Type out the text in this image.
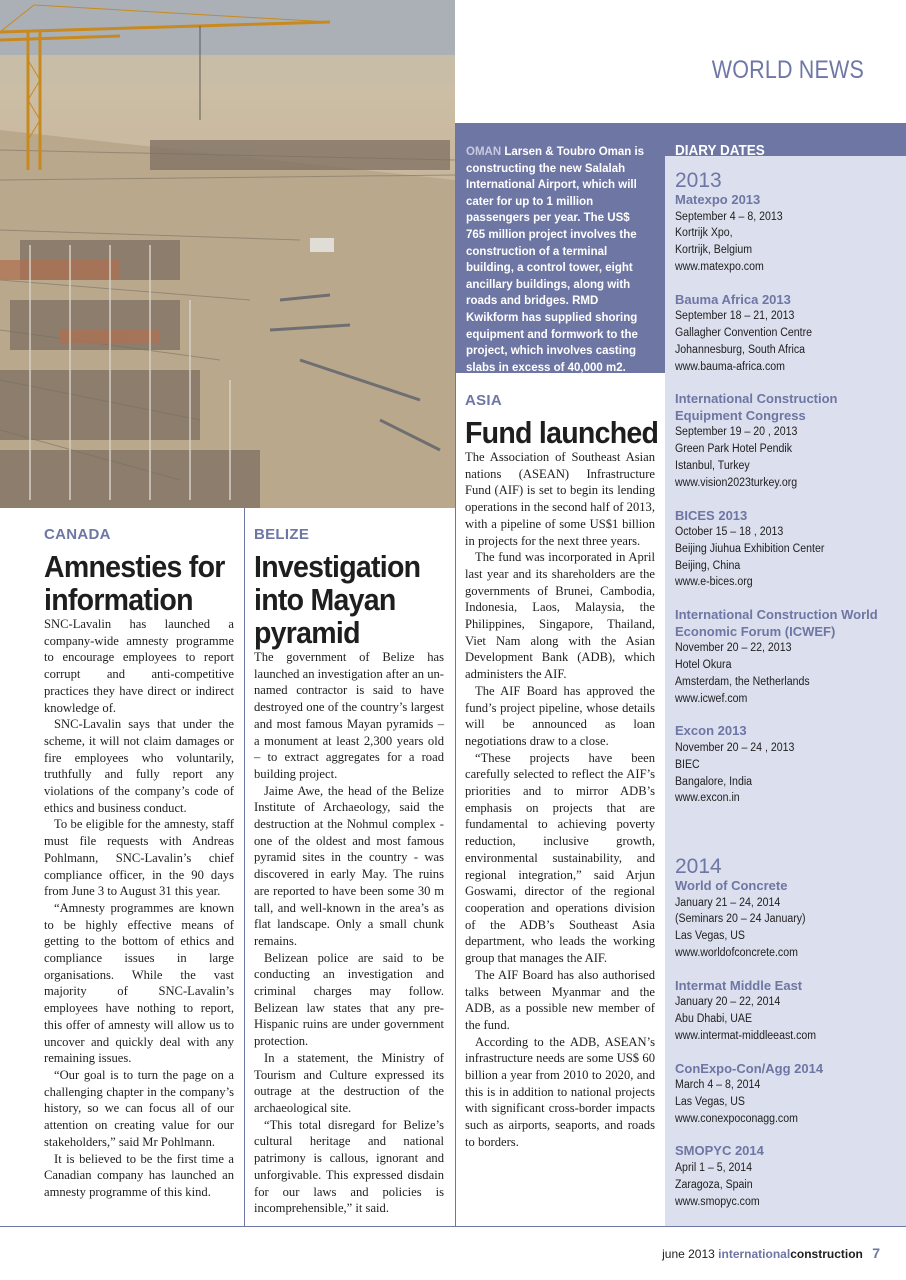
WORLD NEWS
OMAN Larsen & Toubro Oman is constructing the new Salalah International Airport, which will cater for up to 1 million passengers per year. The US$ 765 million project involves the construction of a terminal building, a control tower, eight ancillary buildings, along with roads and bridges. RMD Kwikform has supplied shoring equipment and formwork to the project, which involves casting slabs in excess of 40,000 m2.
DIARY DATES
2013
Matexpo 2013
September 4 – 8, 2013
Kortrijk Xpo,
Kortrijk, Belgium
www.matexpo.com
Bauma Africa 2013
September 18 – 21, 2013
Gallagher Convention Centre
Johannesburg, South Africa
www.bauma-africa.com
International Construction Equipment Congress
September 19 – 20 , 2013
Green Park Hotel Pendik
Istanbul, Turkey
www.vision2023turkey.org
BICES 2013
October 15 – 18 , 2013
Beijing Jiuhua Exhibition Center
Beijing, China
www.e-bices.org
International Construction World Economic Forum (ICWEF)
November 20 – 22, 2013
Hotel Okura
Amsterdam, the Netherlands
www.icwef.com
Excon 2013
November 20 – 24 , 2013
BIEC
Bangalore, India
www.excon.in
2014
World of Concrete
January 21 – 24, 2014
(Seminars 20 – 24 January)
Las Vegas, US
www.worldofconcrete.com
Intermat Middle East
January 20 – 22, 2014
Abu Dhabi, UAE
www.intermat-middleeast.com
ConExpo-Con/Agg 2014
March 4 – 8, 2014
Las Vegas, US
www.conexpoconagg.com
SMOPYC 2014
April 1 – 5, 2014
Zaragoza, Spain
www.smopyc.com
CANADA
Amnesties for information

SNC-Lavalin has launched a company-wide amnesty programme to encourage employees to report corrupt and anti-competitive practices they have direct or indirect knowledge of.

SNC-Lavalin says that under the scheme, it will not claim damages or fire employees who voluntarily, truthfully and fully report any violations of the company’s code of ethics and business conduct.

To be eligible for the amnesty, staff must file requests with Andreas Pohlmann, SNC-Lavalin’s chief compliance officer, in the 90 days from June 3 to August 31 this year.

“Amnesty programmes are known to be highly effective means of getting to the bottom of ethics and compliance issues in large organisations. While the vast majority of SNC-Lavalin’s employees have nothing to report, this offer of amnesty will allow us to uncover and quickly deal with any remaining issues.

“Our goal is to turn the page on a challenging chapter in the company’s history, so we can focus all of our attention on creating value for our stakeholders,” said Mr Pohlmann.

It is believed to be the first time a Canadian company has launched an amnesty programme of this kind.

BELIZE
Investigation into Mayan pyramid

The government of Belize has launched an investigation after an un-named contractor is said to have destroyed one of the country’s largest and most famous Mayan pyramids – a monument at least 2,300 years old – to extract aggregates for a road building project.

Jaime Awe, the head of the Belize Institute of Archaeology, said the destruction at the Nohmul complex - one of the oldest and most famous pyramid sites in the country - was discovered in early May. The ruins are reported to have been some 30 m tall, and well-known in the area’s as flat landscape. Only a small chunk remains.

Belizean police are said to be conducting an investigation and criminal charges may follow. Belizean law states that any pre-Hispanic ruins are under government protection.

In a statement, the Ministry of Tourism and Culture expressed its outrage at the destruction of the archaeological site.

“This total disregard for Belize’s cultural heritage and national patrimony is callous, ignorant and unforgivable. This expressed disdain for our laws and policies is incomprehensible,” it said.

ASIA
Fund launched

The Association of Southeast Asian nations (ASEAN) Infrastructure Fund (AIF) is set to begin its lending operations in the second half of 2013, with a pipeline of some US$1 billion in projects for the next three years.

The fund was incorporated in April last year and its shareholders are the governments of Brunei, Cambodia, Indonesia, Laos, Malaysia, the Philippines, Singapore, Thailand, Viet Nam along with the Asian Development Bank (ADB), which administers the AIF.

The AIF Board has approved the fund’s project pipeline, whose details will be announced as loan negotiations draw to a close.

“These projects have been carefully selected to reflect the AIF’s priorities and to mirror ADB’s emphasis on projects that are fundamental to achieving poverty reduction, inclusive growth, environmental sustainability, and regional integration,” said Arjun Goswami, director of the regional cooperation and operations division of the ADB’s Southeast Asia department, who leads the working group that manages the AIF.

The AIF Board has also authorised talks between Myanmar and the ADB, as a possible new member of the fund.

According to the ADB, ASEAN’s infrastructure needs are some US$ 60 billion a year from 2010 to 2020, and this is in addition to national projects with significant cross-border impacts such as airports, seaports, and roads to borders.

june 2013 internationalconstruction 7
